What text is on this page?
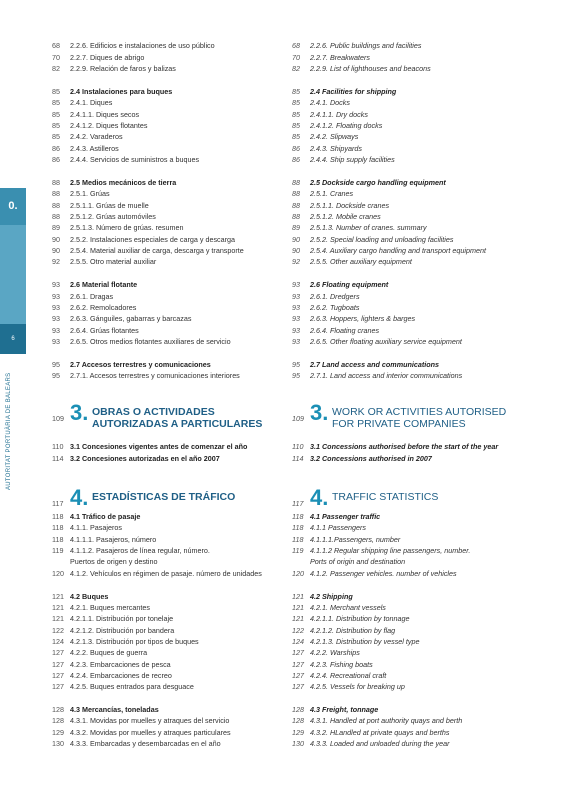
0.
6
AUTORITAT PORTUÀRIA DE BALEARS
68	2.2.6. Edificios e instalaciones de uso público
70	2.2.7. Diques de abrigo
82	2.2.9. Relación de faros y balizas
85	2.4 Instalaciones para buques
85	2.4.1. Diques
85	2.4.1.1. Diques secos
85	2.4.1.2. Diques flotantes
85	2.4.2. Varaderos
86	2.4.3. Astilleros
86	2.4.4. Servicios de suministros a buques
88	2.5 Medios mecánicos de tierra
88	2.5.1. Grúas
88	2.5.1.1. Grúas de muelle
88	2.5.1.2. Grúas automóviles
89	2.5.1.3. Número de grúas. resumen
90	2.5.2. Instalaciones especiales de carga y descarga
90	2.5.4. Material auxiliar de carga, descarga y transporte
92	2.5.5. Otro material auxiliar
93	2.6 Material flotante
93	2.6.1. Dragas
93	2.6.2. Remolcadores
93	2.6.3. Gánguiles, gabarras y barcazas
93	2.6.4. Grúas flotantes
93	2.6.5. Otros medios flotantes auxiliares de servicio
95	2.7 Accesos terrestres y comunicaciones
95	2.7.1. Accesos terrestres y comunicaciones interiores
110 3.1 Concesiones vigentes antes de comenzar el año
114 3.2 Concesiones autorizadas en el año 2007
118 4.1 Tráfico de pasaje
118 4.1.1. Pasajeros
118 4.1.1.1. Pasajeros, número
119 4.1.1.2. Pasajeros de línea regular, número.
Puertos de origen y destino
120 4.1.2. Vehículos en régimen de pasaje. número de unidades
121 4.2 Buques
121 4.2.1. Buques mercantes
121 4.2.1.1. Distribución por tonelaje
122 4.2.1.2. Distribución por bandera
124 4.2.1.3. Distribución por tipos de buques
127 4.2.2. Buques de guerra
127 4.2.3. Embarcaciones de pesca
127 4.2.4. Embarcaciones de recreo
127 4.2.5. Buques entrados para desguace
128 4.3 Mercancías, toneladas
128 4.3.1. Movidas por muelles y atraques del servicio
129 4.3.2. Movidas por muelles y atraques particulares
130 4.3.3. Embarcadas y desembarcadas en el año
109 3. OBRAS O ACTIVIDADES
AUTORIZADAS A PARTICULARES
117 4. ESTADÍSTICAS DE TRÁFICO
68	2.2.6. Public buildings and facilities
70	2.2.7. Breakwaters
82	2.2.9. List of lighthouses and beacons
85	2.4 Facilities for shipping
85	2.4.1. Docks
85	2.4.1.1. Dry docks
85	2.4.1.2. Floating docks
85	2.4.2. Slipways
86	2.4.3. Shipyards
86	2.4.4. Ship supply facilities
88	2.5 Dockside cargo handling equipment
88	2.5.1. Cranes
88	2.5.1.1. Dockside cranes
88	2.5.1.2. Mobile cranes
89	2.5.1.3. Number of cranes. summary
90	2.5.2. Special loading and unloading facilities
90	2.5.4. Auxiliary cargo handling and transport equipment
92	2.5.5. Other auxiliary equipment
93	2.6 Floating equipment
93	2.6.1. Dredgers
93	2.6.2. Tugboats
93	2.6.3. Hoppers, lighters & barges
93	2.6.4. Floating cranes
93	2.6.5. Other floating auxiliary service equipment
95	2.7 Land access and communications
95	2.7.1. Land access and interior communications
110 3.1 Concessions authorised before the start of the year
114 3.2 Concessions authorised in 2007
118 4.1 Passenger traffic
118 4.1.1 Passengers
118 4.1.1.1.Passengers, number
119 4.1.1.2 Regular shipping line passengers, number.
Ports of origin and destination
120 4.1.2. Passenger vehicles. number of vehicles
121 4.2 Shipping
121 4.2.1. Merchant vessels
121 4.2.1.1. Distribution by tonnage
122 4.2.1.2. Distribution by flag
124 4.2.1.3. Distribution by vessel type
127 4.2.2. Warships
127 4.2.3. Fishing boats
127 4.2.4. Recreational craft
127 4.2.5. Vessels for breaking up
128 4.3 Freight, tonnage
128 4.3.1. Handled at port authority quays and berth
129 4.3.2. HLandled at private quays and berths
130 4.3.3. Loaded and unloaded during the year
109 3. WORK OR ACTIVITIES AUTORISED
FOR PRIVATE COMPANIES
117 4. TRAFFIC STATISTICS
